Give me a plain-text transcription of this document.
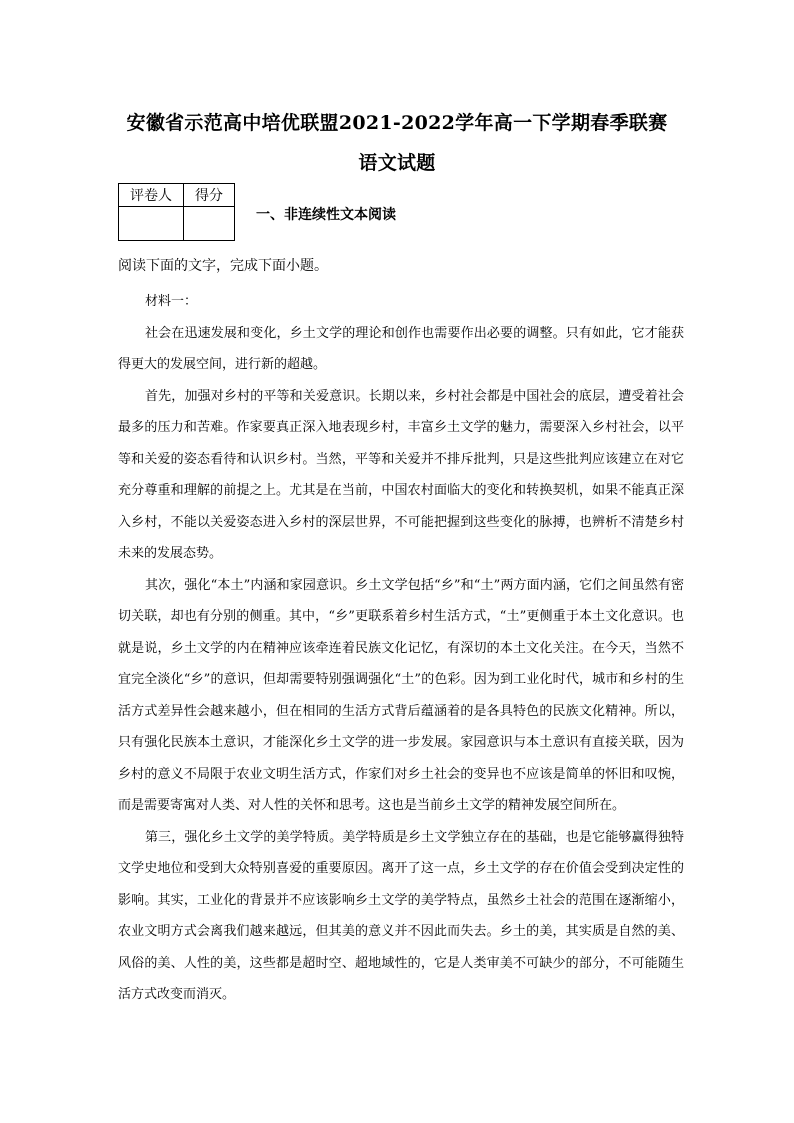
安徽省示范高中培优联盟2021-2022学年高一下学期春季联赛
语文试题
评卷人	得分

一、非连续性文本阅读
阅读下面的文字，完成下面小题。

材料一：

社会在迅速发展和变化，乡土文学的理论和创作也需要作出必要的调整。只有如此，它才能获得更大的发展空间，进行新的超越。

首先，加强对乡村的平等和关爱意识。长期以来，乡村社会都是中国社会的底层，遭受着社会最多的压力和苦难。作家要真正深入地表现乡村，丰富乡土文学的魅力，需要深入乡村社会，以平等和关爱的姿态看待和认识乡村。当然，平等和关爱并不排斥批判，只是这些批判应该建立在对它充分尊重和理解的前提之上。尤其是在当前，中国农村面临大的变化和转换契机，如果不能真正深入乡村，不能以关爱姿态进入乡村的深层世界，不可能把握到这些变化的脉搏，也辨析不清楚乡村未来的发展态势。

其次，强化“本土”内涵和家园意识。乡土文学包括“乡”和“土”两方面内涵，它们之间虽然有密切关联，却也有分别的侧重。其中，“乡”更联系着乡村生活方式，“土”更侧重于本土文化意识。也就是说，乡土文学的内在精神应该牵连着民族文化记忆，有深切的本土文化关注。在今天，当然不宜完全淡化“乡”的意识，但却需要特别强调强化“土”的色彩。因为到工业化时代，城市和乡村的生活方式差异性会越来越小，但在相同的生活方式背后蕴涵着的是各具特色的民族文化精神。所以，只有强化民族本土意识，才能深化乡土文学的进一步发展。家园意识与本土意识有直接关联，因为乡村的意义不局限于农业文明生活方式，作家们对乡土社会的变异也不应该是简单的怀旧和叹惋，而是需要寄寓对人类、对人性的关怀和思考。这也是当前乡土文学的精神发展空间所在。

第三，强化乡土文学的美学特质。美学特质是乡土文学独立存在的基础，也是它能够赢得独特文学史地位和受到大众特别喜爱的重要原因。离开了这一点，乡土文学的存在价值会受到决定性的影响。其实，工业化的背景并不应该影响乡土文学的美学特点，虽然乡土社会的范围在逐渐缩小，农业文明方式会离我们越来越远，但其美的意义并不因此而失去。乡土的美，其实质是自然的美、风俗的美、人性的美，这些都是超时空、超地域性的，它是人类审美不可缺少的部分，不可能随生活方式改变而消灭。
